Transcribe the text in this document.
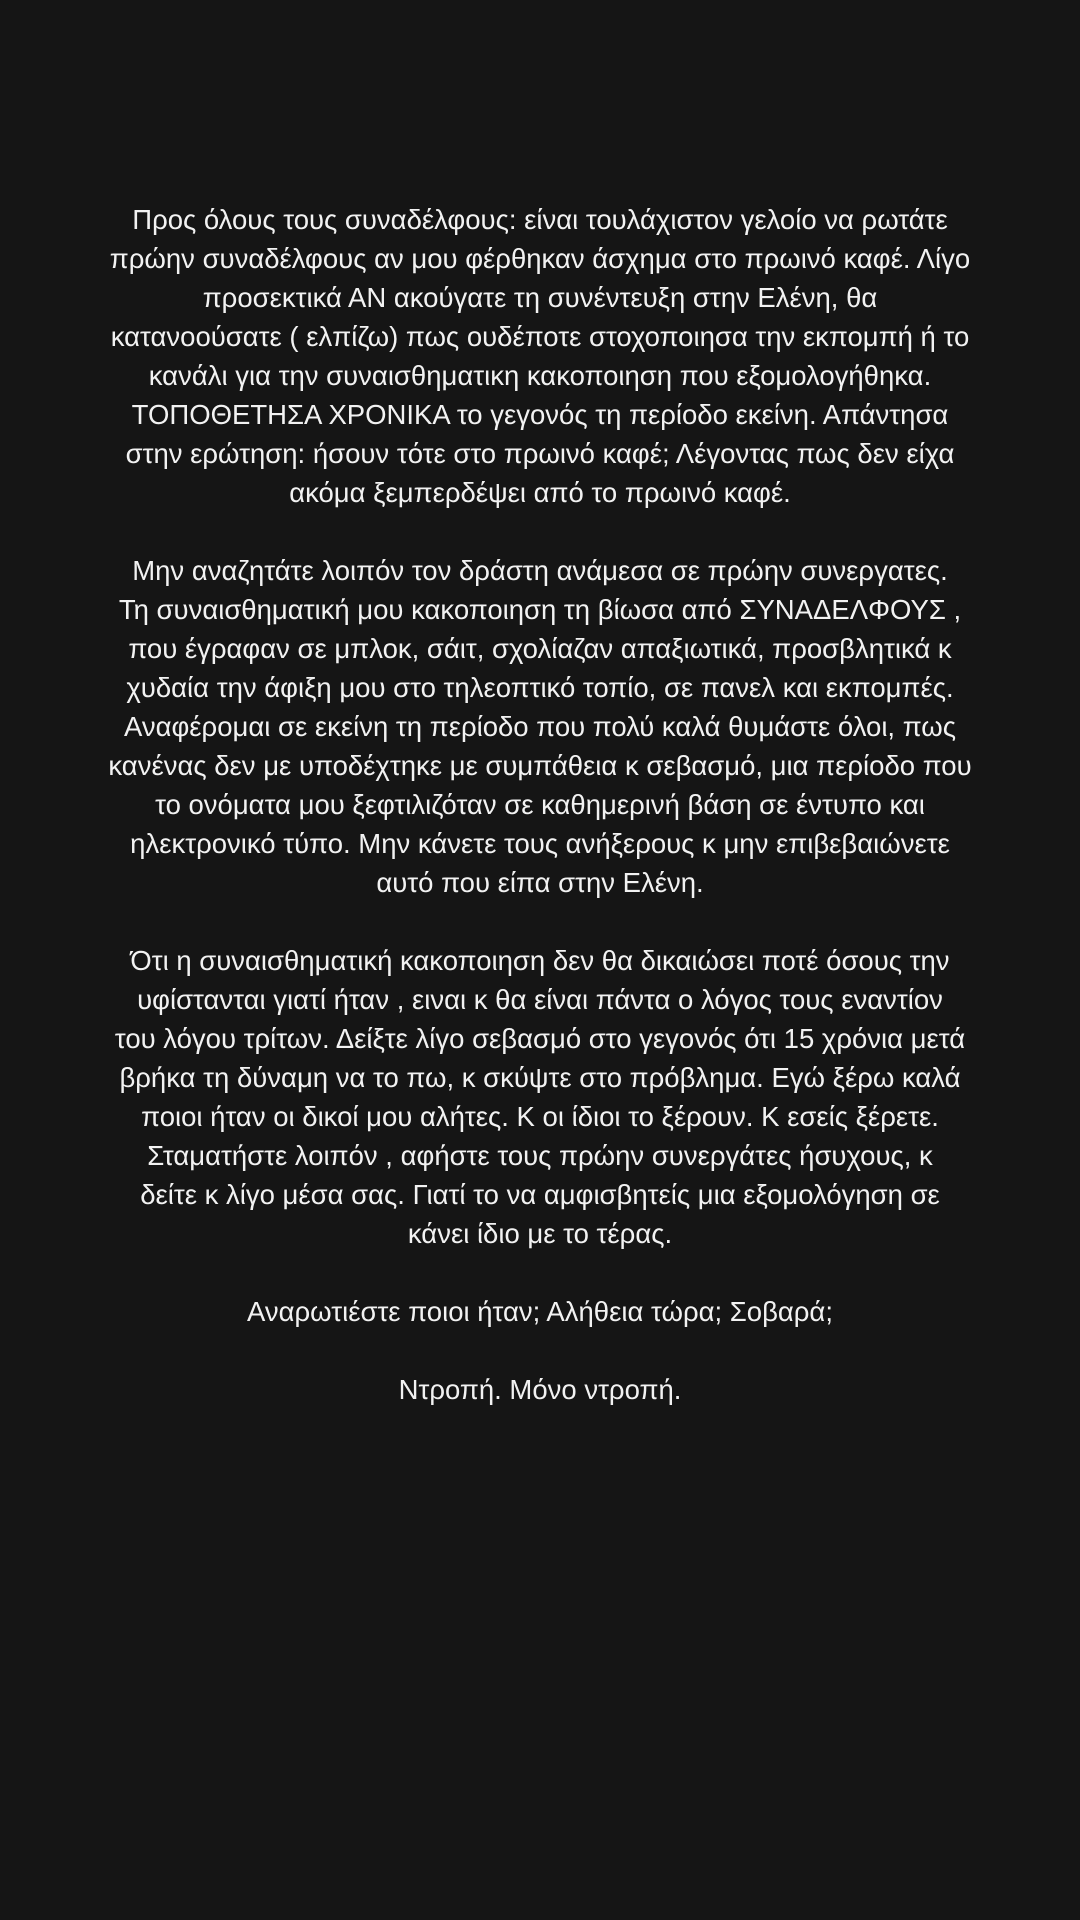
Προς όλους τους συναδέλφους: είναι τουλάχιστον γελοίο να ρωτάτε
πρώην συναδέλφους αν μου φέρθηκαν άσχημα στο πρωινό καφέ. Λίγο
προσεκτικά ΑΝ ακούγατε τη συνέντευξη στην Ελένη, θα
κατανοούσατε ( ελπίζω) πως ουδέποτε στοχοποιησα την εκπομπή ή το
κανάλι για την συναισθηματικη κακοποιηση που εξομολογήθηκα.
ΤΟΠΟΘΕΤΗΣΑ ΧΡΟΝΙΚΑ το γεγονός τη περίοδο εκείνη. Απάντησα
στην ερώτηση: ήσουν τότε στο πρωινό καφέ; Λέγοντας πως δεν είχα
ακόμα ξεμπερδέψει από το πρωινό καφέ.
Μην αναζητάτε λοιπόν τον δράστη ανάμεσα σε πρώην συνεργατες.
Τη συναισθηματική μου κακοποιηση τη βίωσα από ΣΥΝΑΔΕΛΦΟΥΣ ,
που έγραφαν σε μπλοκ, σάιτ, σχολίαζαν απαξιωτικά, προσβλητικά κ
χυδαία την άφιξη μου στο τηλεοπτικό τοπίο, σε πανελ και εκπομπές.
Αναφέρομαι σε εκείνη τη περίοδο που πολύ καλά θυμάστε όλοι, πως
κανένας δεν με υποδέχτηκε με συμπάθεια κ σεβασμό, μια περίοδο που
το ονόματα μου ξεφτιλιζόταν σε καθημερινή βάση σε έντυπο και
ηλεκτρονικό τύπο. Μην κάνετε τους ανήξερους κ μην επιβεβαιώνετε
αυτό που είπα στην Ελένη.
Ότι η συναισθηματική κακοποιηση δεν θα δικαιώσει ποτέ όσους την
υφίστανται γιατί ήταν , ειναι κ θα είναι πάντα ο λόγος τους εναντίον
του λόγου τρίτων. Δείξτε λίγο σεβασμό στο γεγονός ότι 15 χρόνια μετά
βρήκα τη δύναμη να το πω, κ σκύψτε στο πρόβλημα. Εγώ ξέρω καλά
ποιοι ήταν οι δικοί μου αλήτες. Κ οι ίδιοι το ξέρουν. Κ εσείς ξέρετε.
Σταματήστε λοιπόν , αφήστε τους πρώην συνεργάτες ήσυχους, κ
δείτε κ λίγο μέσα σας. Γιατί το να αμφισβητείς μια εξομολόγηση σε
κάνει ίδιο με το τέρας.
Αναρωτιέστε ποιοι ήταν; Αλήθεια τώρα; Σοβαρά;
Ντροπή. Μόνο ντροπή.
